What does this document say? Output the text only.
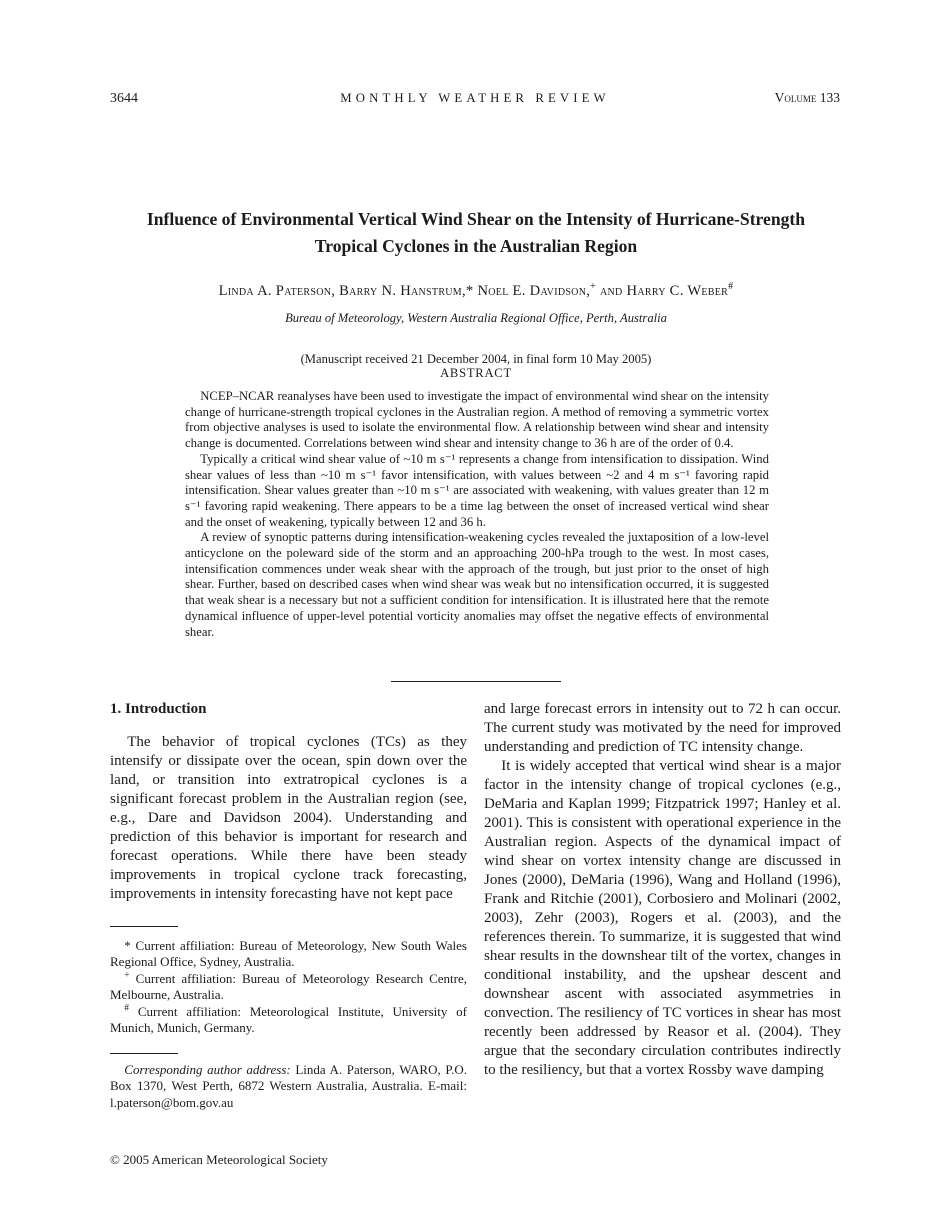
3644	MONTHLY WEATHER REVIEW	Volume 133
Influence of Environmental Vertical Wind Shear on the Intensity of Hurricane-Strength
Tropical Cyclones in the Australian Region
Linda A. Paterson, Barry N. Hanstrum,* Noel E. Davidson,+ and Harry C. Weber#
Bureau of Meteorology, Western Australia Regional Office, Perth, Australia
(Manuscript received 21 December 2004, in final form 10 May 2005)
ABSTRACT

NCEP–NCAR reanalyses have been used to investigate the impact of environmental wind shear on the intensity change of hurricane-strength tropical cyclones in the Australian region. A method of removing a symmetric vortex from objective analyses is used to isolate the environmental flow. A relationship between wind shear and intensity change is documented. Correlations between wind shear and intensity change to 36 h are of the order of 0.4.

Typically a critical wind shear value of ~10 m s⁻¹ represents a change from intensification to dissipation. Wind shear values of less than ~10 m s⁻¹ favor intensification, with values between ~2 and 4 m s⁻¹ favoring rapid intensification. Shear values greater than ~10 m s⁻¹ are associated with weakening, with values greater than 12 m s⁻¹ favoring rapid weakening. There appears to be a time lag between the onset of increased vertical wind shear and the onset of weakening, typically between 12 and 36 h.

A review of synoptic patterns during intensification-weakening cycles revealed the juxtaposition of a low-level anticyclone on the poleward side of the storm and an approaching 200-hPa trough to the west. In most cases, intensification commences under weak shear with the approach of the trough, but just prior to the onset of high shear. Further, based on described cases when wind shear was weak but no intensification occurred, it is suggested that weak shear is a necessary but not a sufficient condition for intensification. It is illustrated here that the remote dynamical influence of upper-level potential vorticity anomalies may offset the negative effects of environmental shear.

1. Introduction

The behavior of tropical cyclones (TCs) as they intensify or dissipate over the ocean, spin down over the land, or transition into extratropical cyclones is a significant forecast problem in the Australian region (see, e.g., Dare and Davidson 2004). Understanding and prediction of this behavior is important for research and forecast operations. While there have been steady improvements in tropical cyclone track forecasting, improvements in intensity forecasting have not kept pace

and large forecast errors in intensity out to 72 h can occur. The current study was motivated by the need for improved understanding and prediction of TC intensity change.

It is widely accepted that vertical wind shear is a major factor in the intensity change of tropical cyclones (e.g., DeMaria and Kaplan 1999; Fitzpatrick 1997; Hanley et al. 2001). This is consistent with operational experience in the Australian region. Aspects of the dynamical impact of wind shear on vortex intensity change are discussed in Jones (2000), DeMaria (1996), Wang and Holland (1996), Frank and Ritchie (2001), Corbosiero and Molinari (2002, 2003), Zehr (2003), Rogers et al. (2003), and the references therein. To summarize, it is suggested that wind shear results in the downshear tilt of the vortex, changes in conditional instability, and the upshear descent and downshear ascent with associated asymmetries in convection. The resiliency of TC vortices in shear has most recently been addressed by Reasor et al. (2004). They argue that the secondary circulation contributes indirectly to the resiliency, but that a vortex Rossby wave damping

* Current affiliation: Bureau of Meteorology, New South Wales Regional Office, Sydney, Australia.

+ Current affiliation: Bureau of Meteorology Research Centre, Melbourne, Australia.

# Current affiliation: Meteorological Institute, University of Munich, Munich, Germany.

Corresponding author address: Linda A. Paterson, WARO, P.O. Box 1370, West Perth, 6872 Western Australia, Australia. E-mail: l.paterson@bom.gov.au
© 2005 American Meteorological Society
